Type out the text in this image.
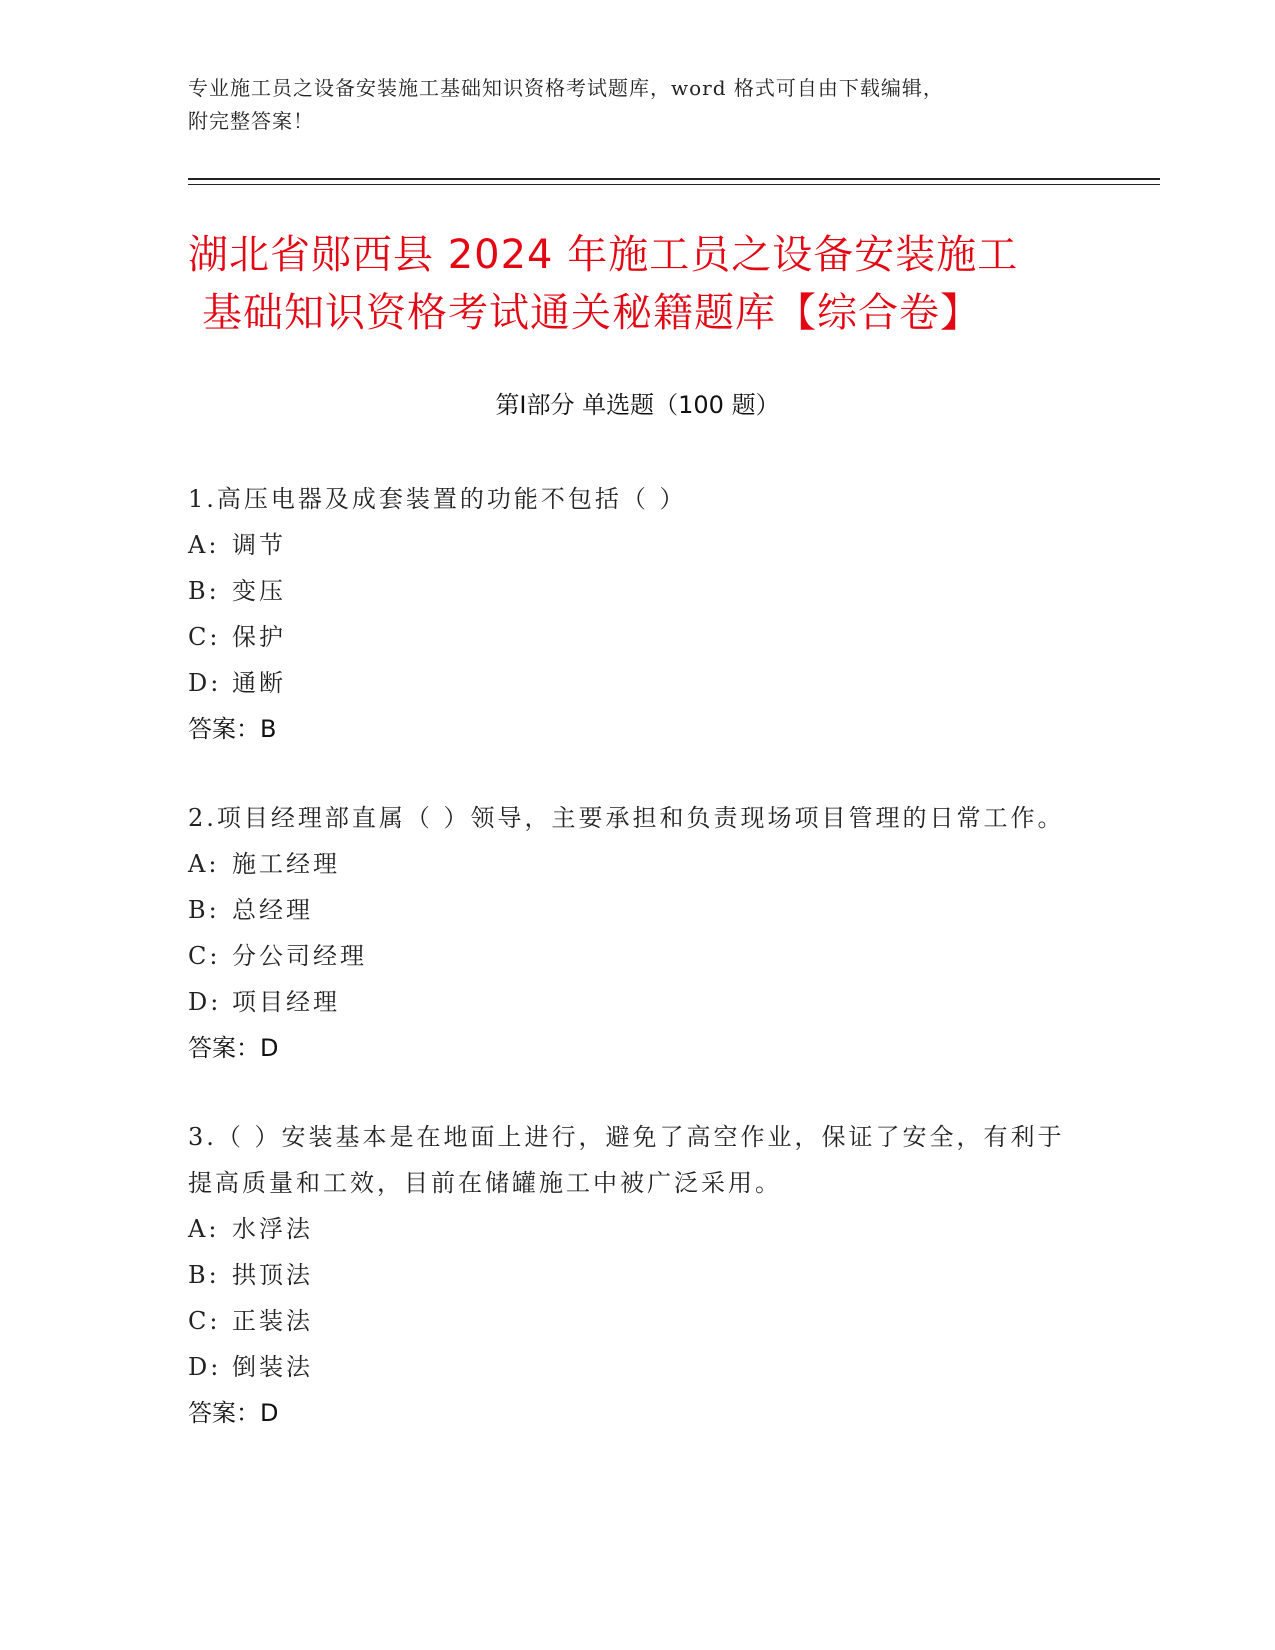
专业施工员之设备安装施工基础知识资格考试题库，word 格式可自由下载编辑，
附完整答案！
湖北省郧西县 2024 年施工员之设备安装施工
基础知识资格考试通关秘籍题库【综合卷】
第Ⅰ部分 单选题（100 题）
1.高压电器及成套装置的功能不包括（ ）
A: 调节
B: 变压
C: 保护
D: 通断
答案：B
2.项目经理部直属（ ）领导，主要承担和负责现场项目管理的日常工作。
A: 施工经理
B: 总经理
C: 分公司经理
D: 项目经理
答案：D
3.（ ）安装基本是在地面上进行，避免了高空作业，保证了安全，有利于提高质量和工效，目前在储罐施工中被广泛采用。
A: 水浮法
B: 拱顶法
C: 正装法
D: 倒装法
答案：D
